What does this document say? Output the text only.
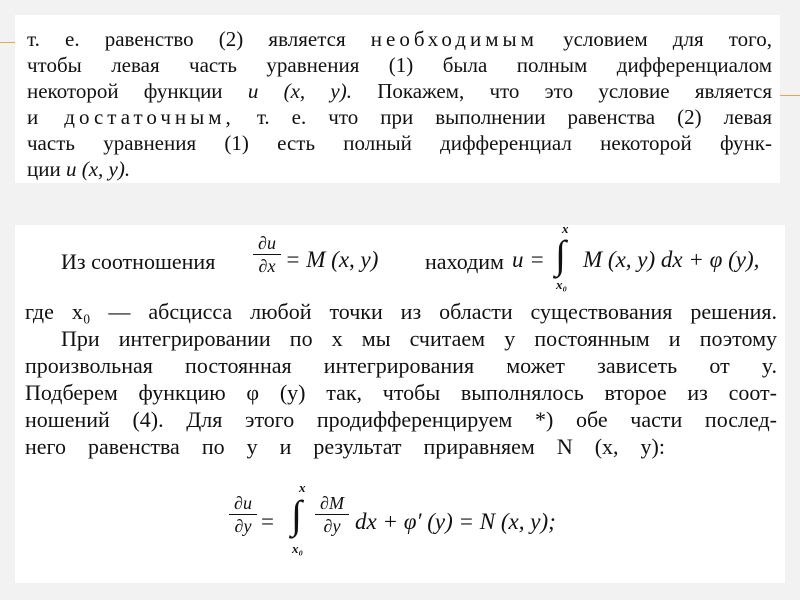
т. е. равенство (2) является необходимым условием для того,
чтобы левая часть уравнения (1) была полным дифференциалом
некоторой функции u (x, y). Покажем, что это условие является
и достаточным, т. е. что при выполнении равенства (2) левая
часть уравнения (1) есть полный дифференциал некоторой функ-
ции u (x, y).
Из соотношения
∂u
∂x = M (x, y) находим u =
x
∫
x₀
M (x, y) dx + φ (y),
где x₀ — абсцисса любой точки из области существования решения.
При интегрировании по x мы считаем y постоянным и поэтому
произвольная постоянная интегрирования может зависеть от y.
Подберем функцию φ (y) так, чтобы выполнялось второе из соот-
ношений (4). Для этого продифференцируем *) обе части послед-
него равенства по y и результат приравняем N (x, y):
∂u
∂y =
x
∫
x₀
∂M
∂y dx + φ′ (y) = N (x, y);
